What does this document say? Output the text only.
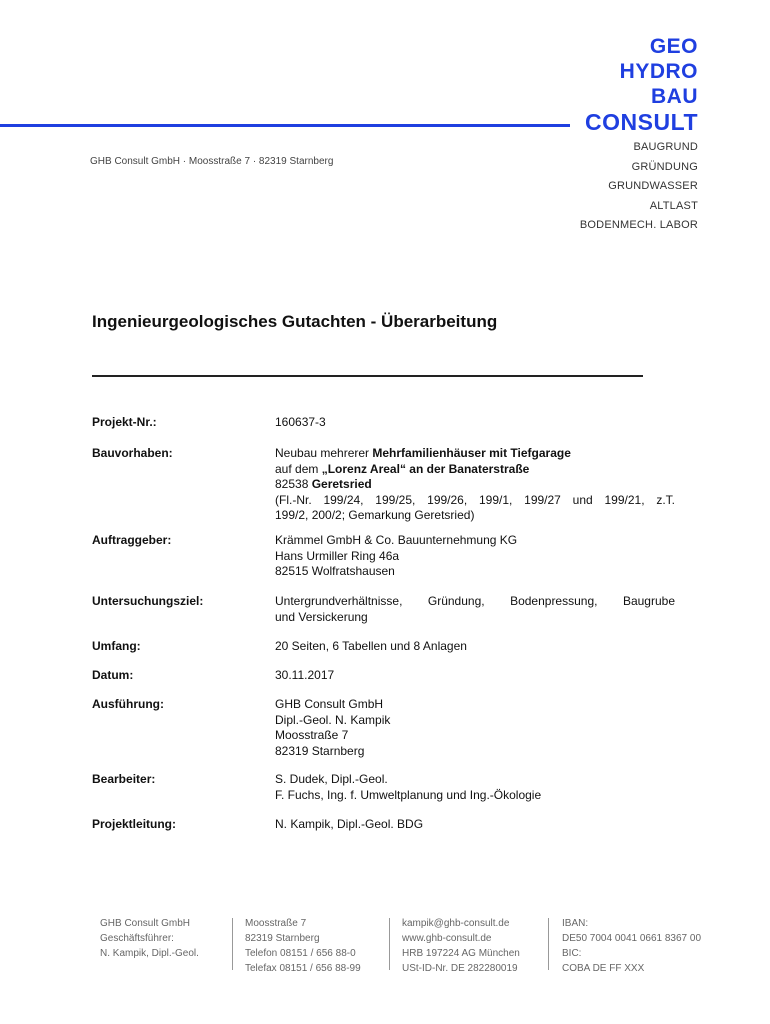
GEO
HYDRO
BAU
CONSULT
BAUGRUND
GRÜNDUNG
GRUNDWASSER
ALTLAST
BODENMECH. LABOR
GHB Consult GmbH · Moosstraße 7 · 82319 Starnberg
Ingenieurgeologisches Gutachten - Überarbeitung
Projekt-Nr.:	160637-3
Bauvorhaben:	Neubau mehrerer Mehrfamilienhäuser mit Tiefgarage
auf dem „Lorenz Areal“ an der Banaterstraße
82538 Geretsried
(Fl.-Nr. 199/24, 199/25, 199/26, 199/1, 199/27 und 199/21, z.T.
199/2, 200/2; Gemarkung Geretsried)
Auftraggeber:	Krämmel GmbH & Co. Bauunternehmung KG
Hans Urmiller Ring 46a
82515 Wolfratshausen
Untersuchungsziel:	Untergrundverhältnisse, Gründung, Bodenpressung, Baugrube
und Versickerung
Umfang:	20 Seiten, 6 Tabellen und 8 Anlagen
Datum:	30.11.2017
Ausführung:	GHB Consult GmbH
Dipl.-Geol. N. Kampik
Moosstraße 7
82319 Starnberg
Bearbeiter:	S. Dudek, Dipl.-Geol.
F. Fuchs, Ing. f. Umweltplanung und Ing.-Ökologie
Projektleitung:	N. Kampik, Dipl.-Geol. BDG
GHB Consult GmbH
Geschäftsführer:
N. Kampik, Dipl.-Geol.
Moosstraße 7
82319 Starnberg
Telefon 08151 / 656 88-0
Telefax 08151 / 656 88-99
kampik@ghb-consult.de
www.ghb-consult.de
HRB 197224 AG München
USt-ID-Nr. DE 282280019
IBAN:
DE50 7004 0041 0661 8367 00
BIC:
COBA DE FF XXX
